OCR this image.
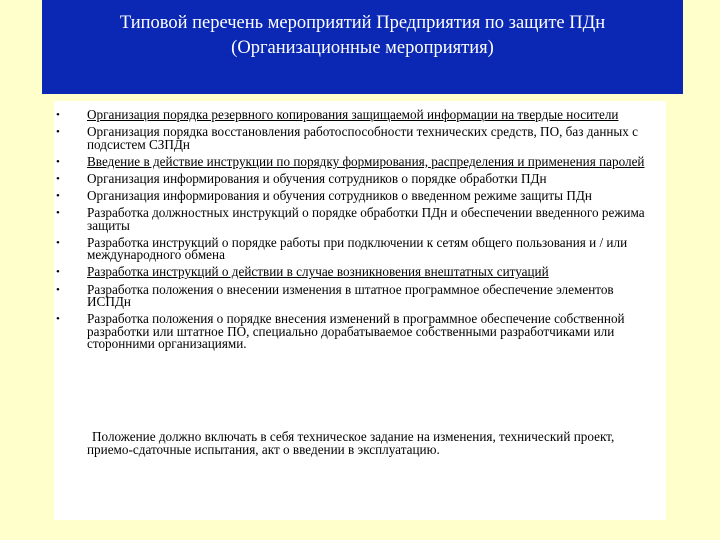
Типовой перечень мероприятий Предприятия по защите ПДн
(Организационные мероприятия)
• Организация порядка резервного копирования защищаемой информации на твердые носители
• Организация порядка восстановления работоспособности технических средств, ПО, баз данных с подсистем СЗПДн
• Введение в действие инструкции по порядку формирования, распределения и применения паролей
• Организация информирования и обучения сотрудников о порядке обработки ПДн
• Организация информирования и обучения сотрудников о введенном режиме защиты ПДн
• Разработка должностных инструкций о порядке обработки ПДн и обеспечении введенного режима защиты
• Разработка инструкций о порядке работы при подключении к сетям общего пользования и / или международного обмена
• Разработка инструкций о действии в случае возникновения внештатных ситуаций
• Разработка положения о внесении изменения в штатное программное обеспечение элементов ИСПДн
• Разработка положения о порядке внесения изменений в программное обеспечение собственной разработки или штатное ПО, специально дорабатываемое собственными разработчиками или сторонними организациями.
Положение должно включать в себя техническое задание на изменения, технический проект, приемо-сдаточные испытания, акт о введении в эксплуатацию.
